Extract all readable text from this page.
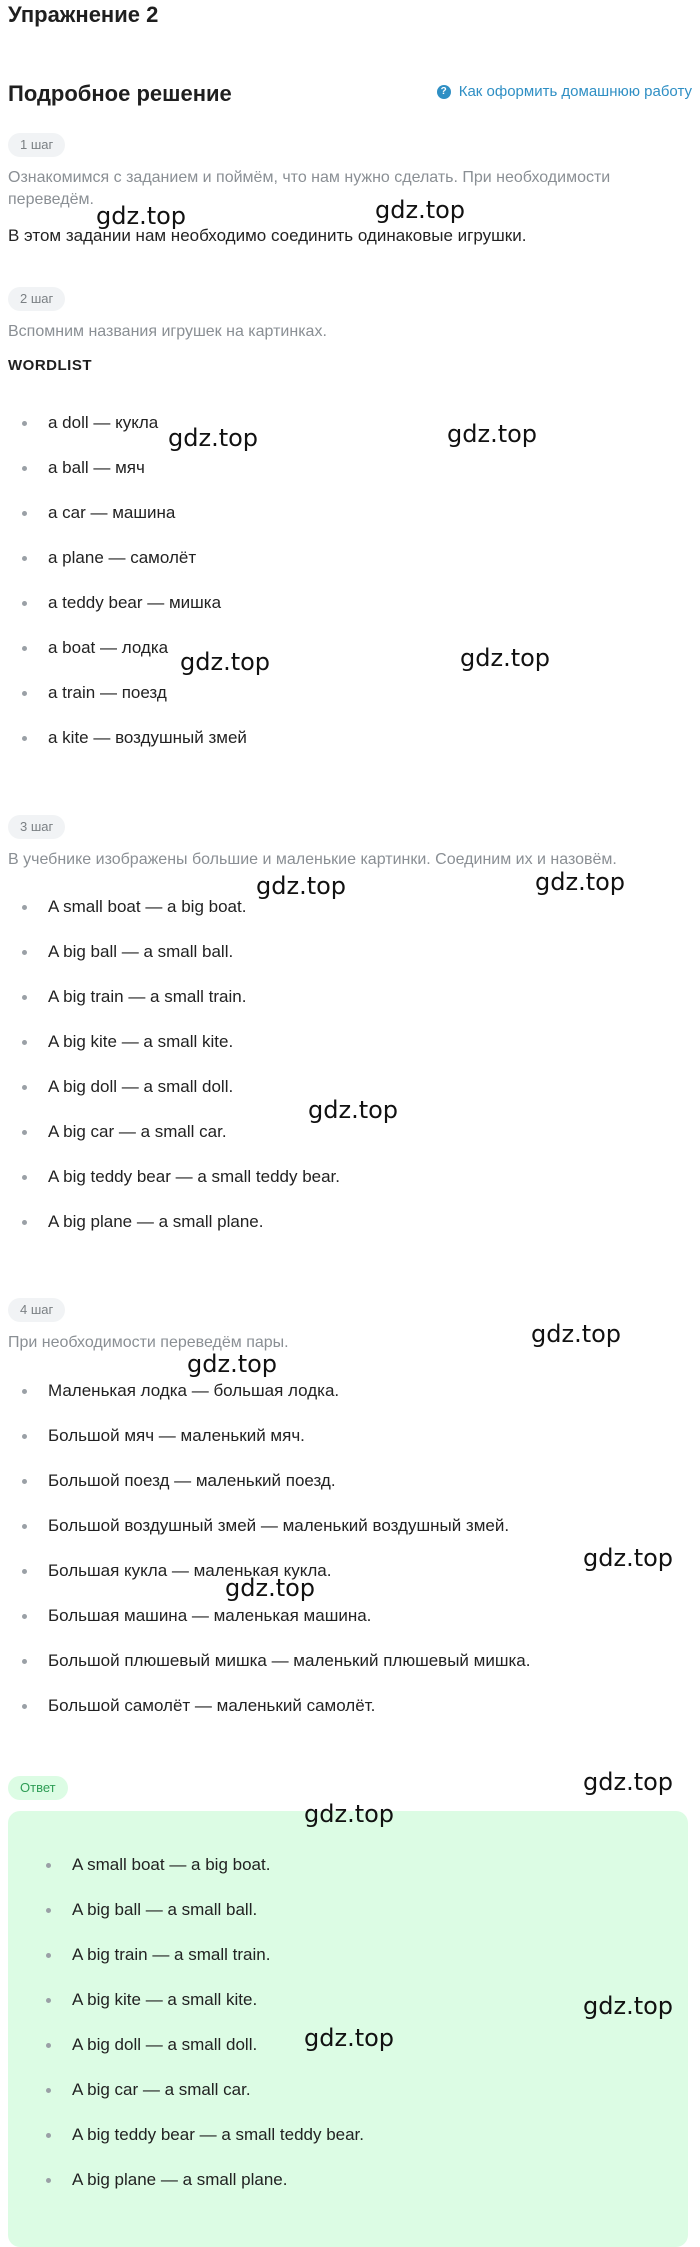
Упражнение 2
Подробное решение	? Как оформить домашнюю работу
1 шаг
Ознакомимся с заданием и поймём, что нам нужно сделать. При необходимости переведём.
В этом задании нам необходимо соединить одинаковые игрушки.
2 шаг
Вспомним названия игрушек на картинках.
WORDLIST
a doll — кукла
a ball — мяч
a car — машина
a plane — самолёт
a teddy bear — мишка
a boat — лодка
a train — поезд
a kite — воздушный змей
3 шаг
В учебнике изображены большие и маленькие картинки. Соединим их и назовём.
A small boat — a big boat.
A big ball — a small ball.
A big train — a small train.
A big kite — a small kite.
A big doll — a small doll.
A big car — a small car.
A big teddy bear — a small teddy bear.
A big plane — a small plane.
4 шаг
При необходимости переведём пары.
Маленькая лодка — большая лодка.
Большой мяч — маленький мяч.
Большой поезд — маленький поезд.
Большой воздушный змей — маленький воздушный змей.
Большая кукла — маленькая кукла.
Большая машина — маленькая машина.
Большой плюшевый мишка — маленький плюшевый мишка.
Большой самолёт — маленький самолёт.
Ответ
A small boat — a big boat.
A big ball — a small ball.
A big train — a small train.
A big kite — a small kite.
A big doll — a small doll.
A big car — a small car.
A big teddy bear — a small teddy bear.
A big plane — a small plane.
gdz.top	gdz.top
gdz.top	gdz.top
gdz.top	gdz.top
gdz.top	gdz.top
gdz.top
gdz.top
gdz.top
gdz.top
gdz.top
gdz.top
gdz.top
gdz.top
gdz.top
